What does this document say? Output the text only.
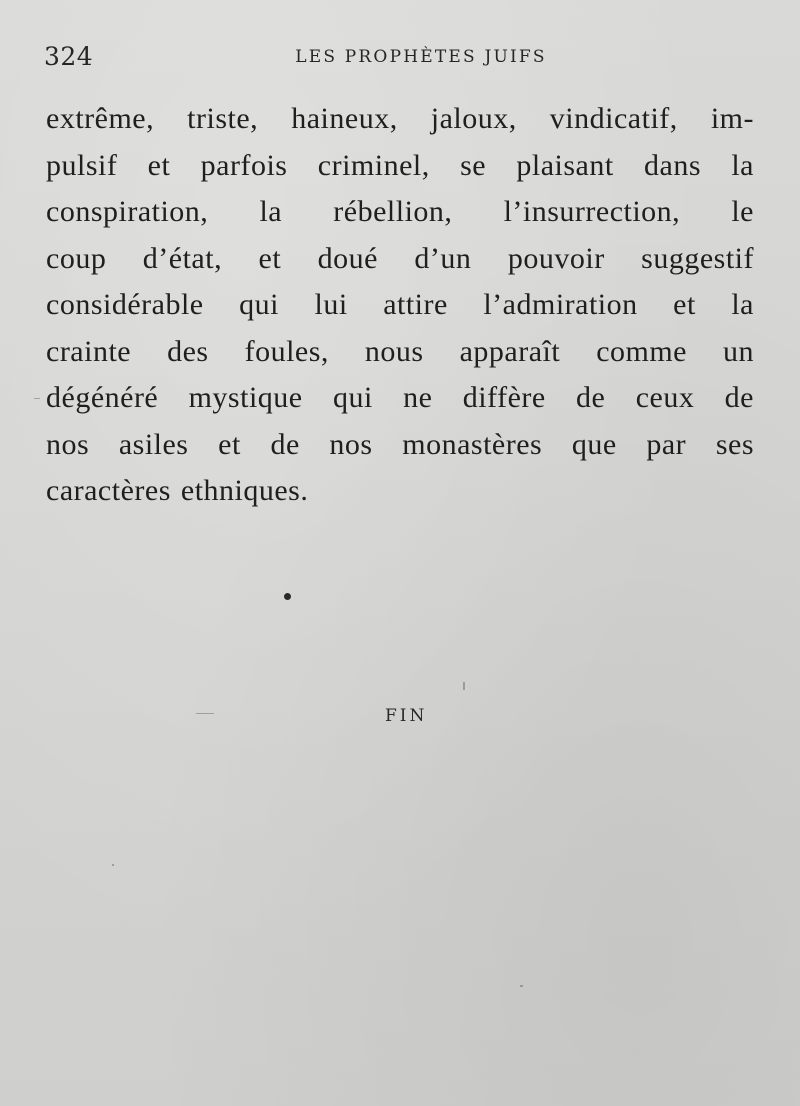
324	LES PROPHÈTES JUIFS

extrême, triste, haineux, jaloux, vindicatif, im-
pulsif et parfois criminel, se plaisant dans la
conspiration, la rébellion, l’insurrection, le
coup d’état, et doué d’un pouvoir suggestif
considérable qui lui attire l’admiration et la
crainte des foules, nous apparaît comme un
dégénéré mystique qui ne diffère de ceux de
nos asiles et de nos monastères que par ses
caractères ethniques.

FIN
